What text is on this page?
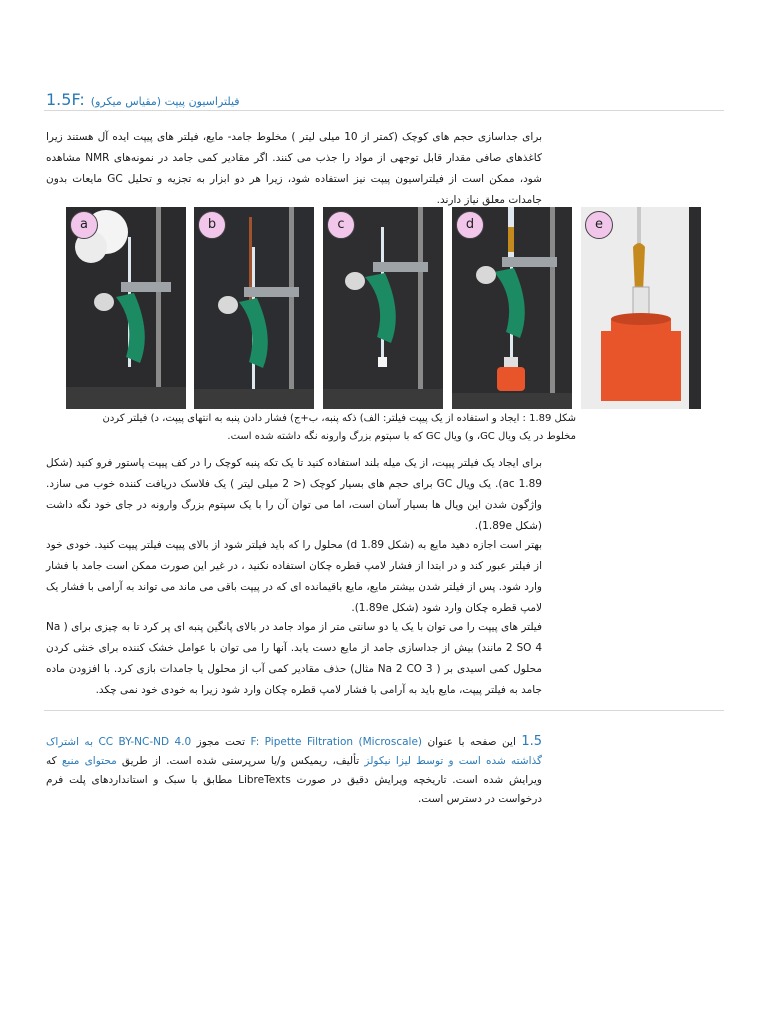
1.5F: فیلتراسیون پیپت (مقیاس میکرو)

برای جداسازی حجم های کوچک (کمتر از 10 میلی لیتر ) مخلوط جامد- مایع، فیلتر های پیپت ایده آل هستند زیرا کاغذهای صافی مقدار قابل توجهی از مواد را جذب می کنند. اگر مقادیر کمی جامد در نمونه‌های NMR مشاهده شود، ممکن است از فیلتراسیون پیپت نیز استفاده شود، زیرا هر دو ابزار به تجزیه و تحلیل GC مایعات بدون جامدات معلق نیاز دارند.

a	b	c	d	e
شکل 1.89 : ایجاد و استفاده از یک پیپت فیلتر: الف) ذکه پنبه، ب+ج) فشار دادن پنبه به انتهای پیپت، د) فیلتر کردن مخلوط در یک ویال GC، و) ویال GC که با سپتوم بزرگ وارونه نگه داشته شده است.

برای ایجاد یک فیلتر پیپت، از یک میله بلند استفاده کنید تا یک تکه پنبه کوچک را در کف پیپت پاستور فرو کنید (شکل 1.89 ac). یک ویال GC برای حجم های بسیار کوچک (< 2 میلی لیتر ) یک فلاسک دریافت کننده خوب می سازد. واژگون شدن این ویال ها بسیار آسان است، اما می توان آن را با یک سپتوم بزرگ وارونه در جای خود نگه داشت (شکل 1.89e).

بهتر است اجازه دهید مایع به (شکل 1.89 d) محلول را که باید فیلتر شود از بالای پیپت فیلتر پیپت کنید. خودی خود از فیلتر عبور کند و در ابتدا از فشار لامپ قطره چکان استفاده نکنید ، در غیر این صورت ممکن است جامد با فشار وارد شود. پس از فیلتر شدن بیشتر مایع، مایع باقیمانده ای که در پیپت باقی می ماند می تواند به آرامی با فشار یک لامپ قطره چکان وارد شود (شکل 1.89e).

فیلتر های پیپت را می توان با یک یا دو سانتی متر از مواد جامد در بالای پانگین پنبه ای پر کرد تا به چیزی برای ( Na 2 SO 4 مانند) بیش از جداسازی جامد از مایع دست یابد. آنها را می توان با عوامل خشک کننده برای خنثی کردن محلول کمی اسیدی بر ( Na 2 CO 3 مثال) حذف مقادیر کمی آب از محلول یا جامدات بازی کرد. با افزودن ماده جامد به فیلتر پیپت، مایع باید به آرامی با فشار لامپ قطره چکان وارد شود زیرا به خودی خود نمی چکد.

1.5 این صفحه با عنوان F: Pipette Filtration (Microscale) تحت مجوز CC BY-NC-ND 4.0 به اشتراک گذاشته شده است و توسط لیزا نیکولز تألیف، ریمیکس و/یا سرپرستی شده است. از طریق محتوای منبع که ویرایش شده است. تاریخچه ویرایش دقیق در صورت LibreTexts مطابق با سبک و استانداردهای پلت فرم درخواست در دسترس است.
